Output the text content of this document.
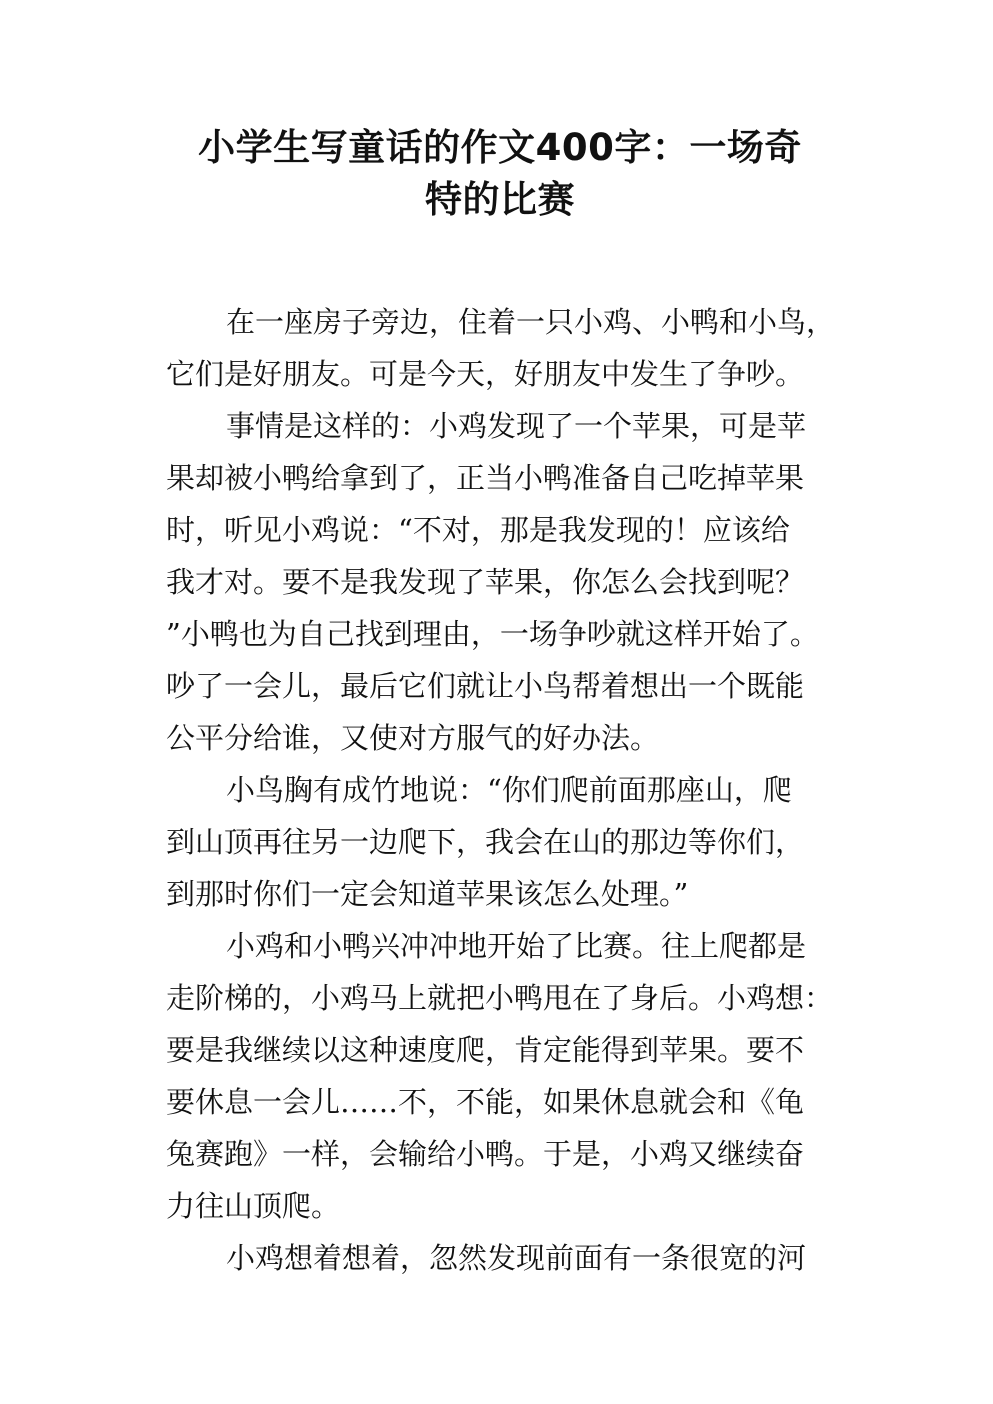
小学生写童话的作文400字：一场奇
特的比赛
在一座房子旁边，住着一只小鸡、小鸭和小鸟，
它们是好朋友。可是今天，好朋友中发生了争吵。
事情是这样的：小鸡发现了一个苹果，可是苹
果却被小鸭给拿到了，正当小鸭准备自己吃掉苹果
时，听见小鸡说：“不对，那是我发现的！应该给
我才对。要不是我发现了苹果，你怎么会找到呢？
”小鸭也为自己找到理由，一场争吵就这样开始了。
吵了一会儿，最后它们就让小鸟帮着想出一个既能
公平分给谁，又使对方服气的好办法。
小鸟胸有成竹地说：“你们爬前面那座山，爬
到山顶再往另一边爬下，我会在山的那边等你们，
到那时你们一定会知道苹果该怎么处理。”
小鸡和小鸭兴冲冲地开始了比赛。往上爬都是
走阶梯的，小鸡马上就把小鸭甩在了身后。小鸡想：
要是我继续以这种速度爬，肯定能得到苹果。要不
要休息一会儿……不，不能，如果休息就会和《龟
兔赛跑》一样，会输给小鸭。于是，小鸡又继续奋
力往山顶爬。
小鸡想着想着，忽然发现前面有一条很宽的河
